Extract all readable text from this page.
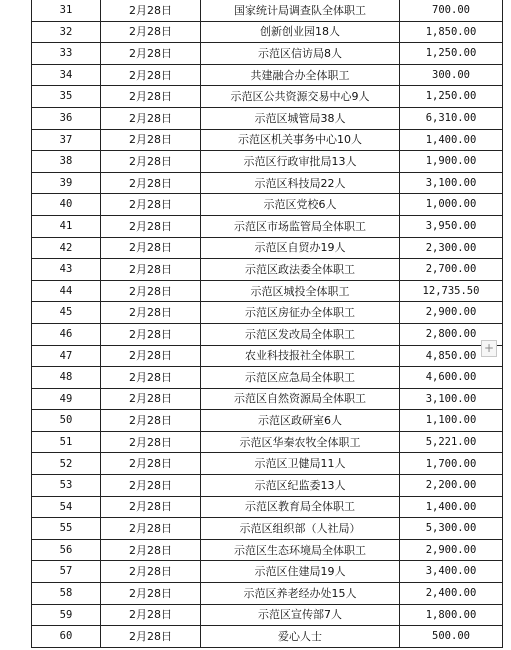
31	2月28日	国家统计局调查队全体职工	700.00
32	2月28日	创新创业园18人	1,850.00
33	2月28日	示范区信访局8人	1,250.00
34	2月28日	共建融合办全体职工	300.00
35	2月28日	示范区公共资源交易中心9人	1,250.00
36	2月28日	示范区城管局38人	6,310.00
37	2月28日	示范区机关事务中心10人	1,400.00
38	2月28日	示范区行政审批局13人	1,900.00
39	2月28日	示范区科技局22人	3,100.00
40	2月28日	示范区党校6人	1,000.00
41	2月28日	示范区市场监管局全体职工	3,950.00
42	2月28日	示范区自贸办19人	2,300.00
43	2月28日	示范区政法委全体职工	2,700.00
44	2月28日	示范区城投全体职工	12,735.50
45	2月28日	示范区房征办全体职工	2,900.00
46	2月28日	示范区发改局全体职工	2,800.00
47	2月28日	农业科技报社全体职工	4,850.00
48	2月28日	示范区应急局全体职工	4,600.00
49	2月28日	示范区自然资源局全体职工	3,100.00
50	2月28日	示范区政研室6人	1,100.00
51	2月28日	示范区华秦农牧全体职工	5,221.00
52	2月28日	示范区卫健局11人	1,700.00
53	2月28日	示范区纪监委13人	2,200.00
54	2月28日	示范区教育局全体职工	1,400.00
55	2月28日	示范区组织部（人社局）	5,300.00
56	2月28日	示范区生态环境局全体职工	2,900.00
57	2月28日	示范区住建局19人	3,400.00
58	2月28日	示范区养老经办处15人	2,400.00
59	2月28日	示范区宣传部7人	1,800.00
60	2月28日	爱心人士	500.00
+
